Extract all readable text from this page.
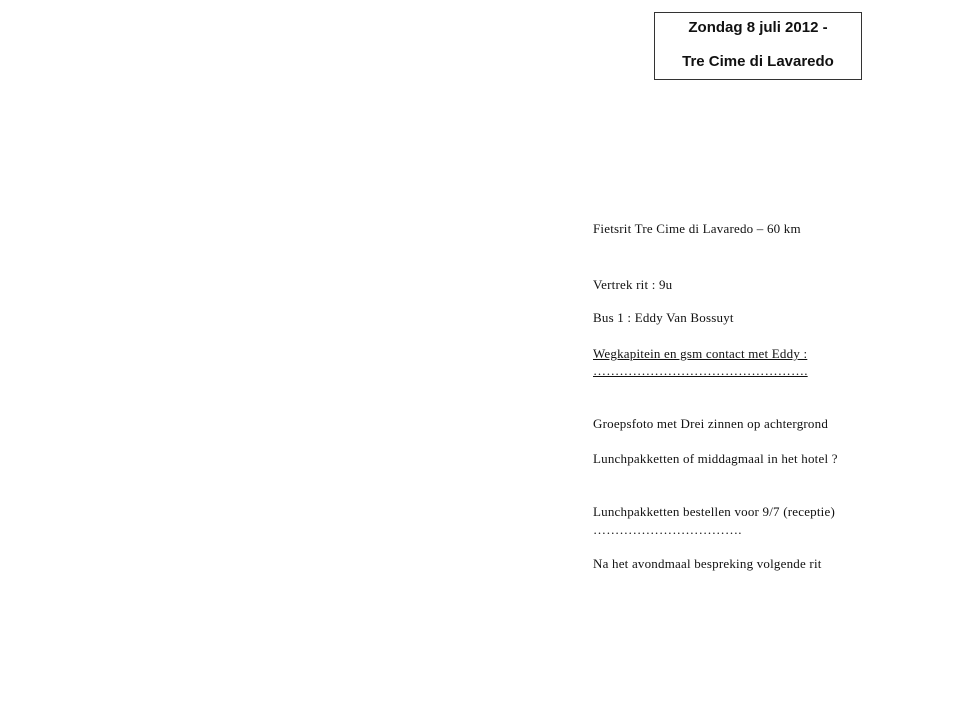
Zondag 8 juli 2012 -
Tre Cime di Lavaredo
Fietsrit Tre Cime di Lavaredo – 60 km
Vertrek rit : 9u
Bus 1 : Eddy Van Bossuyt
Wegkapitein en gsm contact met Eddy :
………………………………………….
Groepsfoto met Drei zinnen op achtergrond
Lunchpakketten of middagmaal in het hotel ?
Lunchpakketten bestellen voor 9/7 (receptie)
…………………………….
Na het avondmaal bespreking volgende rit
